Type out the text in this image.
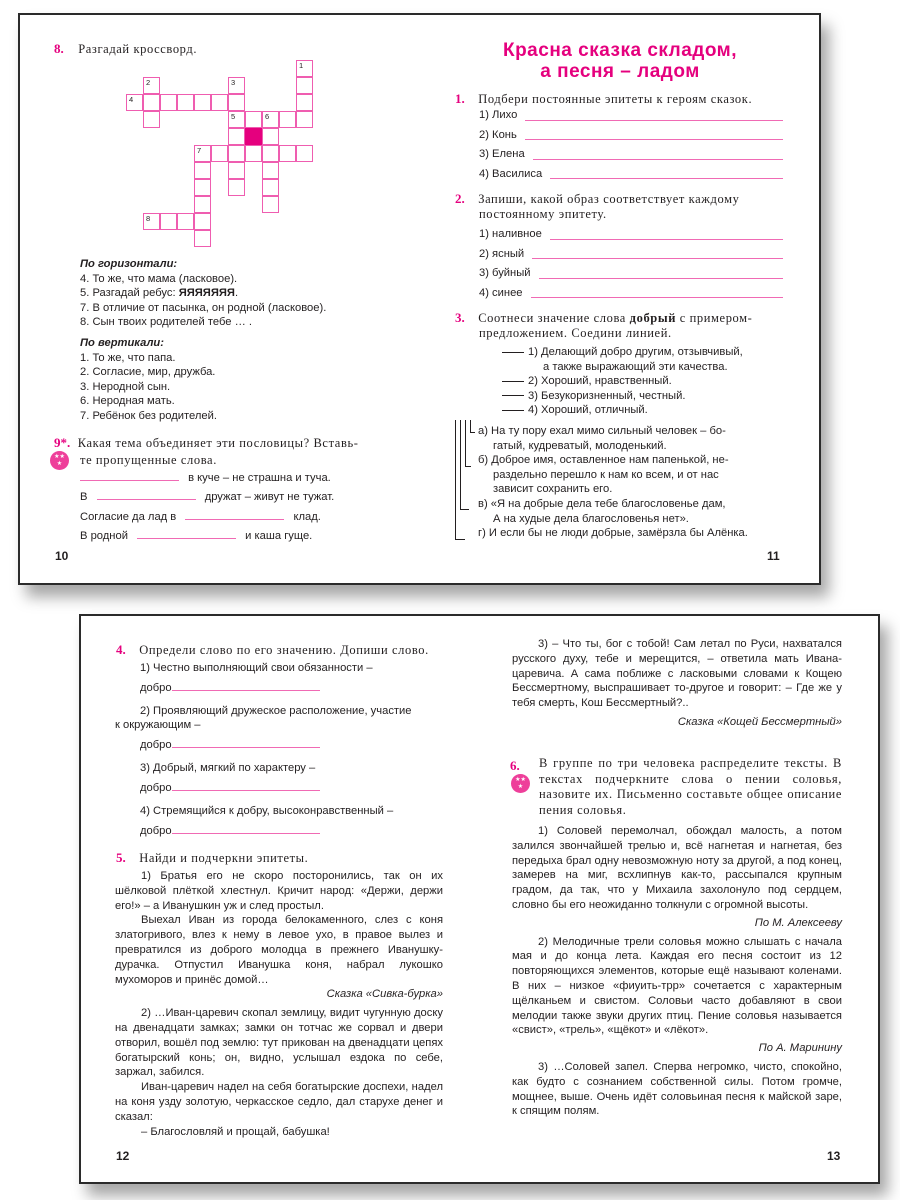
8. Разгадай кроссворд.
1
2
4
3
5	6
7
8
По горизонтали:
4. То же, что мама (ласковое).
5. Разгадай ребус: ЯЯЯЯЯЯЯ.
7. В отличие от пасынка, он родной (ласковое).
8. Сын твоих родителей тебе … .
По вертикали:
1. То же, что папа.
2. Согласие, мир, дружба.
3. Неродной сын.
6. Неродная мать.
7. Ребёнок без родителей.
9*. Какая тема объединяет эти пословицы? Вставь-
★★
★	те пропущенные слова.
в куче – не страшна и туча.
В	дружат – живут не тужат.
Согласие да лад в	клад.
В родной	и каша гуще.
10
Красна сказка складом,
а песня – ладом
1. Подбери постоянные эпитеты к героям сказок.
1) Лихо
2) Конь
3) Елена
4) Василиса
2. Запиши, какой образ соответствует каждому
постоянному эпитету.
1) наливное
2) ясный
3) буйный
4) синее
3. Соотнеси значение слова добрый с примером-
предложением. Соедини линией.
1) Делающий добро другим, отзывчивый,
а также выражающий эти качества.
2) Хороший, нравственный.
3) Безукоризненный, честный.
4) Хороший, отличный.
а) На ту пору ехал мимо сильный человек – бо-
гатый, кудреватый, молоденький.
б) Доброе имя, оставленное нам папенькой, не-
раздельно перешло к нам ко всем, и от нас
зависит сохранить его.
в) «Я на добрые дела тебе благословенье дам,
А на худые дела благословенья нет».
г) И если бы не люди добрые, замёрзла бы Алёнка.
11
4. Определи слово по его значению. Допиши слово.
1) Честно выполняющий свои обязанности –
добро
2) Проявляющий дружеское расположение, участие
к окружающим –
добро
3) Добрый, мягкий по характеру –
добро
4) Стремящийся к добру, высоконравственный –
добро
5. Найди и подчеркни эпитеты.
1) Братья его не скоро посторонились, так он их шёлковой плёткой хлестнул. Кричит народ: «Держи, держи его!» – а Иванушкин уж и след простыл.
Выехал Иван из города белокаменного, слез с коня златогривого, влез к нему в левое ухо, в правое вылез и превратился из доброго молодца в прежнего Иванушку-дурачка. Отпустил Иванушка коня, набрал лукошко мухоморов и принёс домой…
Сказка «Сивка-бурка»
2) …Иван-царевич скопал землицу, видит чугунную доску на двенадцати замках; замки он тотчас же сорвал и двери отворил, вошёл под землю: тут прикован на двенадцати цепях богатырский конь; он, видно, услышал ездока по себе, заржал, забился.
Иван-царевич надел на себя богатырские доспехи, надел на коня узду золотую, черкасское седло, дал старухе денег и сказал:
– Благословляй и прощай, бабушка!
12
3) – Что ты, бог с тобой! Сам летал по Руси, нахватался русского духу, тебе и мерещится, – ответила мать Ивана-царевича. А сама поближе с ласковыми словами к Кощею Бессмертному, выспрашивает то-другое и говорит: – Где же у тебя смерть, Кош Бессмертный?..
Сказка «Кощей Бессмертный»
6.
★★
★
В группе по три человека распределите тексты. В текстах подчеркните слова о пении соловья, назовите их. Письменно составьте общее описание пения соловья.
1) Соловей перемолчал, обождал малость, а потом залился звончайшей трелью и, всё нагнетая и нагнетая, без передыха брал одну невозможную ноту за другой, а под конец, замерев на миг, всхлипнув как-то, рассыпался крупным градом, да так, что у Михаила захолонуло под сердцем, словно бы его неожиданно толкнули с огромной высоты.
По М. Алексееву
2) Мелодичные трели соловья можно слышать с начала мая и до конца лета. Каждая его песня состоит из 12 повторяющихся элементов, которые ещё называют коленами. В них – низкое «фиуить-трр» сочетается с характерным щёлканьем и свистом. Соловьи часто добавляют в свои мелодии также звуки других птиц. Пение соловья называется «свист», «трель», «щёкот» и «лёкот».
По А. Маринину
3) …Соловей запел. Сперва негромко, чисто, спокойно, как будто с сознанием собственной силы. Потом громче, мощнее, выше. Очень идёт соловьиная песня к майской заре, к спящим полям.
13
